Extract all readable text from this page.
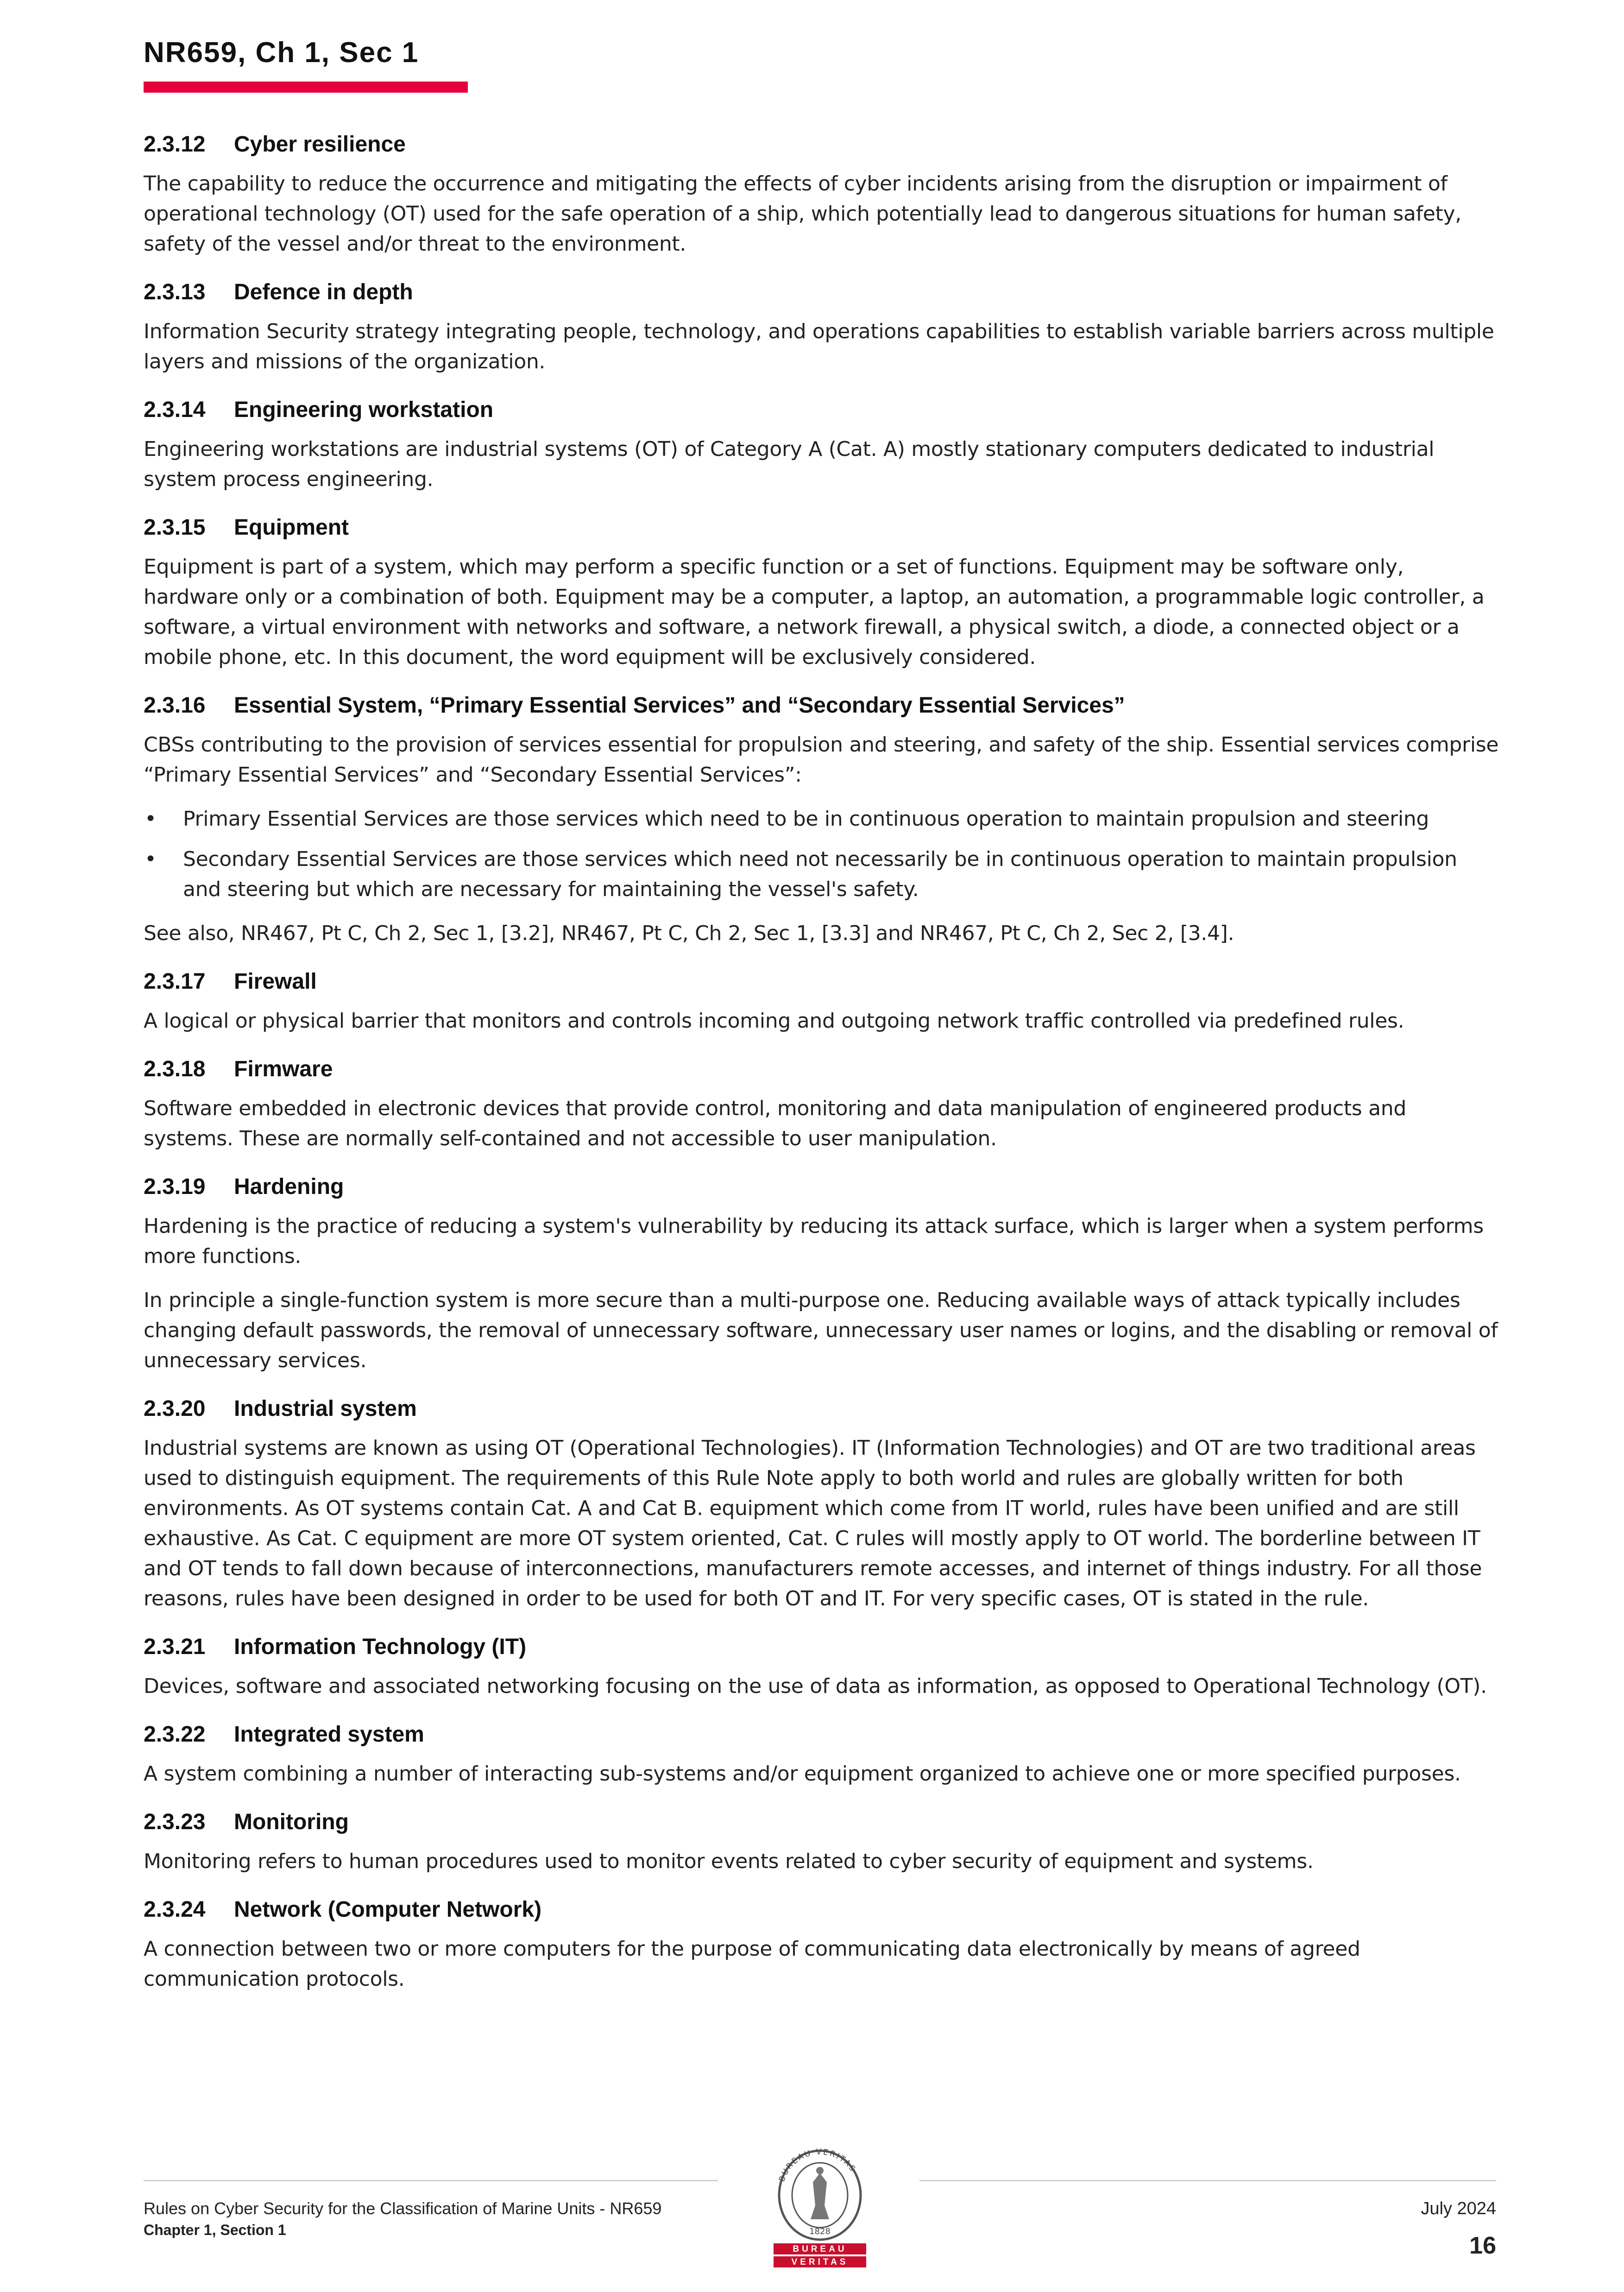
NR659, Ch 1, Sec 1
2.3.12 Cyber resilience

The capability to reduce the occurrence and mitigating the effects of cyber incidents arising from the disruption or impairment of operational technology (OT) used for the safe operation of a ship, which potentially lead to dangerous situations for human safety, safety of the vessel and/or threat to the environment.

2.3.13 Defence in depth

Information Security strategy integrating people, technology, and operations capabilities to establish variable barriers across multiple layers and missions of the organization.

2.3.14 Engineering workstation

Engineering workstations are industrial systems (OT) of Category A (Cat. A) mostly stationary computers dedicated to industrial system process engineering.

2.3.15 Equipment

Equipment is part of a system, which may perform a specific function or a set of functions. Equipment may be software only, hardware only or a combination of both. Equipment may be a computer, a laptop, an automation, a programmable logic controller, a software, a virtual environment with networks and software, a network firewall, a physical switch, a diode, a connected object or a mobile phone, etc. In this document, the word equipment will be exclusively considered.

2.3.16 Essential System, “Primary Essential Services” and “Secondary Essential Services”

CBSs contributing to the provision of services essential for propulsion and steering, and safety of the ship. Essential services comprise “Primary Essential Services” and “Secondary Essential Services”:

• Primary Essential Services are those services which need to be in continuous operation to maintain propulsion and steering
• Secondary Essential Services are those services which need not necessarily be in continuous operation to maintain propulsion and steering but which are necessary for maintaining the vessel's safety.

See also, NR467, Pt C, Ch 2, Sec 1, [3.2], NR467, Pt C, Ch 2, Sec 1, [3.3] and NR467, Pt C, Ch 2, Sec 2, [3.4].

2.3.17 Firewall

A logical or physical barrier that monitors and controls incoming and outgoing network traffic controlled via predefined rules.

2.3.18 Firmware

Software embedded in electronic devices that provide control, monitoring and data manipulation of engineered products and systems. These are normally self-contained and not accessible to user manipulation.

2.3.19 Hardening

Hardening is the practice of reducing a system's vulnerability by reducing its attack surface, which is larger when a system performs more functions.

In principle a single-function system is more secure than a multi-purpose one. Reducing available ways of attack typically includes changing default passwords, the removal of unnecessary software, unnecessary user names or logins, and the disabling or removal of unnecessary services.

2.3.20 Industrial system

Industrial systems are known as using OT (Operational Technologies). IT (Information Technologies) and OT are two traditional areas used to distinguish equipment. The requirements of this Rule Note apply to both world and rules are globally written for both environments. As OT systems contain Cat. A and Cat B. equipment which come from IT world, rules have been unified and are still exhaustive. As Cat. C equipment are more OT system oriented, Cat. C rules will mostly apply to OT world. The borderline between IT and OT tends to fall down because of interconnections, manufacturers remote accesses, and internet of things industry. For all those reasons, rules have been designed in order to be used for both OT and IT. For very specific cases, OT is stated in the rule.

2.3.21 Information Technology (IT)

Devices, software and associated networking focusing on the use of data as information, as opposed to Operational Technology (OT).

2.3.22 Integrated system

A system combining a number of interacting sub-systems and/or equipment organized to achieve one or more specified purposes.

2.3.23 Monitoring

Monitoring refers to human procedures used to monitor events related to cyber security of equipment and systems.

2.3.24 Network (Computer Network)

A connection between two or more computers for the purpose of communicating data electronically by means of agreed communication protocols.

Rules on Cyber Security for the Classification of Marine Units - NR659
Chapter 1, Section 1
BUREAU VERITAS
1828
BUREAU
VERITAS
July 2024
16
